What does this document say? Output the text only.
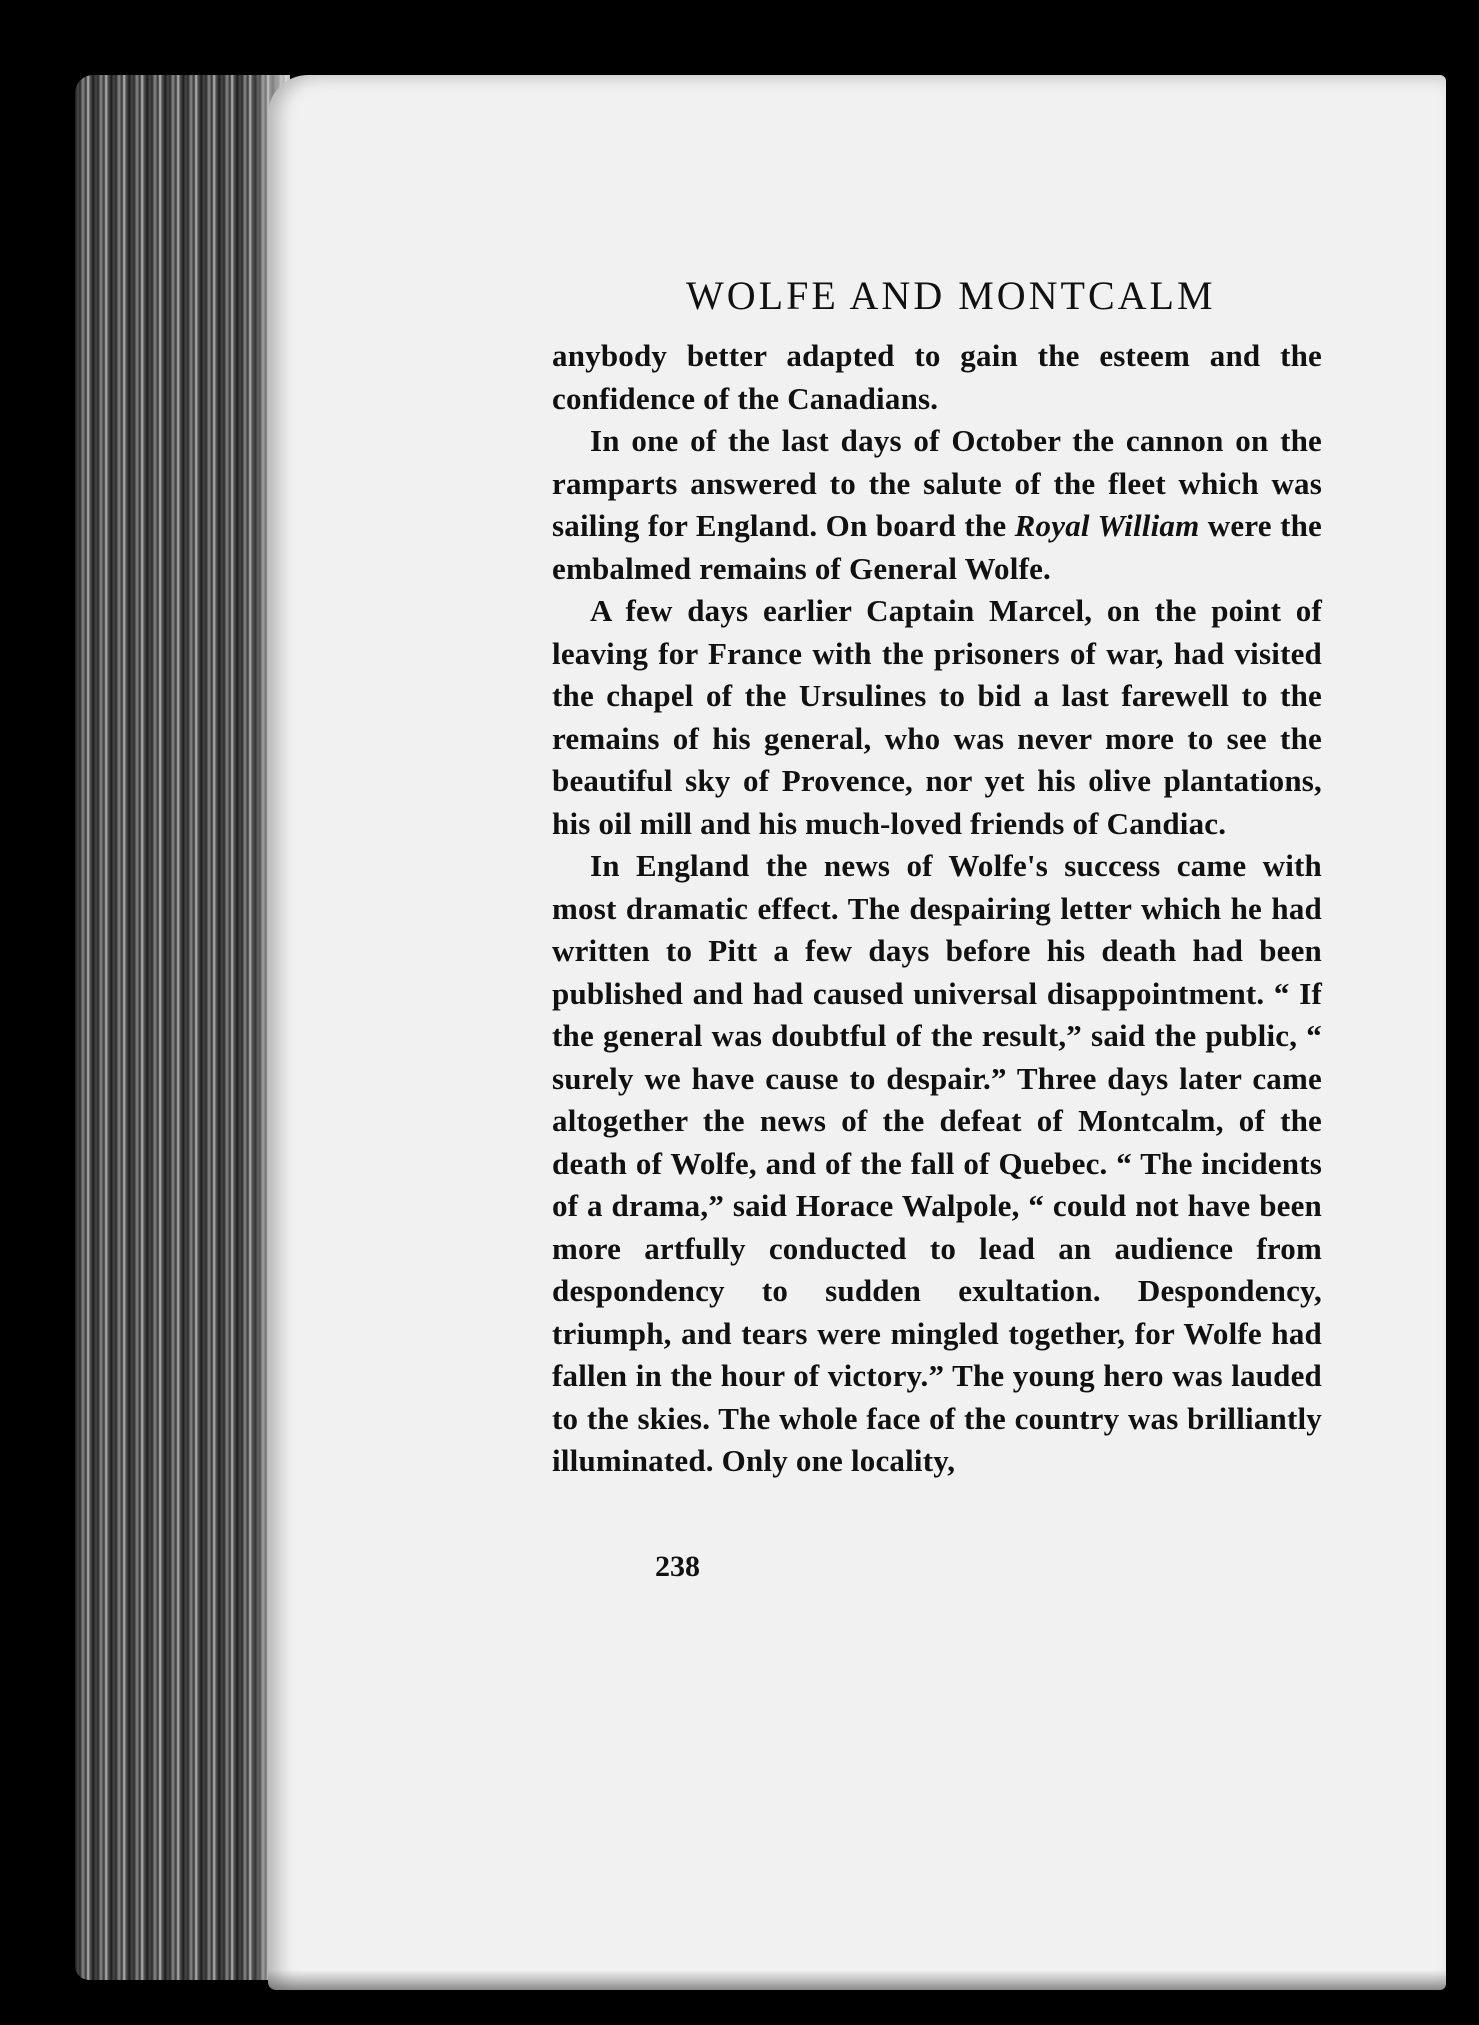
WOLFE AND MONTCALM

anybody better adapted to gain the esteem and the confidence of the Canadians.

In one of the last days of October the cannon on the ramparts answered to the salute of the fleet which was sailing for England. On board the Royal William were the embalmed remains of General Wolfe.

A few days earlier Captain Marcel, on the point of leaving for France with the prisoners of war, had visited the chapel of the Ursulines to bid a last farewell to the remains of his general, who was never more to see the beautiful sky of Provence, nor yet his olive plantations, his oil mill and his much-loved friends of Candiac.

In England the news of Wolfe's success came with most dramatic effect. The despairing letter which he had written to Pitt a few days before his death had been published and had caused universal disappointment. “ If the general was doubtful of the result,” said the public, “ surely we have cause to despair.” Three days later came altogether the news of the defeat of Montcalm, of the death of Wolfe, and of the fall of Quebec. “ The incidents of a drama,” said Horace Walpole, “ could not have been more artfully conducted to lead an audience from despondency to sudden exultation. Despondency, triumph, and tears were mingled together, for Wolfe had fallen in the hour of victory.” The young hero was lauded to the skies. The whole face of the country was brilliantly illuminated. Only one locality,

238
